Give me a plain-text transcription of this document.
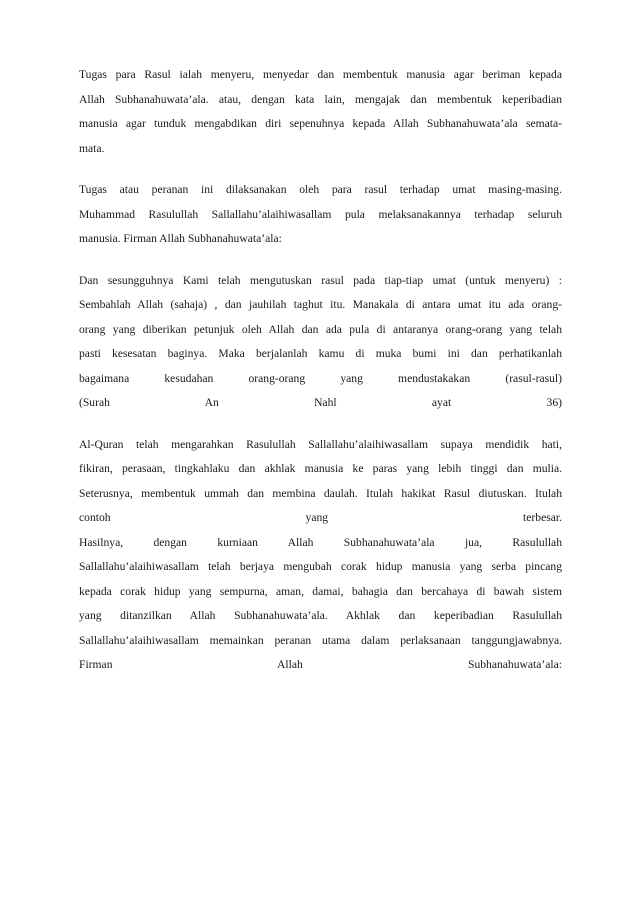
Tugas para Rasul ialah menyeru, menyedar dan membentuk manusia agar beriman kepada
Allah Subhanahuwata’ala. atau, dengan kata lain, mengajak dan membentuk keperibadian
manusia agar tunduk mengabdikan diri sepenuhnya kepada Allah Subhanahuwata’ala semata-
mata.
Tugas atau peranan ini dilaksanakan oleh para rasul terhadap umat masing-masing.
Muhammad Rasulullah Sallallahu’alaihiwasallam pula melaksanakannya terhadap seluruh
manusia. Firman Allah Subhanahuwata’ala:
Dan sesungguhnya Kami telah mengutuskan rasul pada tiap-tiap umat (untuk menyeru) :
Sembahlah Allah (sahaja) , dan jauhilah taghut itu. Manakala di antara umat itu ada orang-
orang yang diberikan petunjuk oleh Allah dan ada pula di antaranya orang-orang yang telah
pasti kesesatan baginya. Maka berjalanlah kamu di muka bumi ini dan perhatikanlah
bagaimana kesudahan orang-orang yang mendustakakan (rasul-rasul)
(Surah An Nahl ayat 36)
Al-Quran telah mengarahkan Rasulullah Sallallahu’alaihiwasallam supaya mendidik hati,
fikiran, perasaan, tingkahlaku dan akhlak manusia ke paras yang lebih tinggi dan mulia.
Seterusnya, membentuk ummah dan membina daulah. Itulah hakikat Rasul diutuskan. Itulah
contoh yang terbesar.
Hasilnya, dengan kurniaan Allah Subhanahuwata’ala jua, Rasulullah
Sallallahu’alaihiwasallam telah berjaya mengubah corak hidup manusia yang serba pincang
kepada corak hidup yang sempurna, aman, damai, bahagia dan bercahaya di bawah sistem
yang ditanzilkan Allah Subhanahuwata’ala. Akhlak dan keperibadian Rasulullah
Sallallahu’alaihiwasallam memainkan peranan utama dalam perlaksanaan tanggungjawabnya.
Firman Allah Subhanahuwata’ala:
